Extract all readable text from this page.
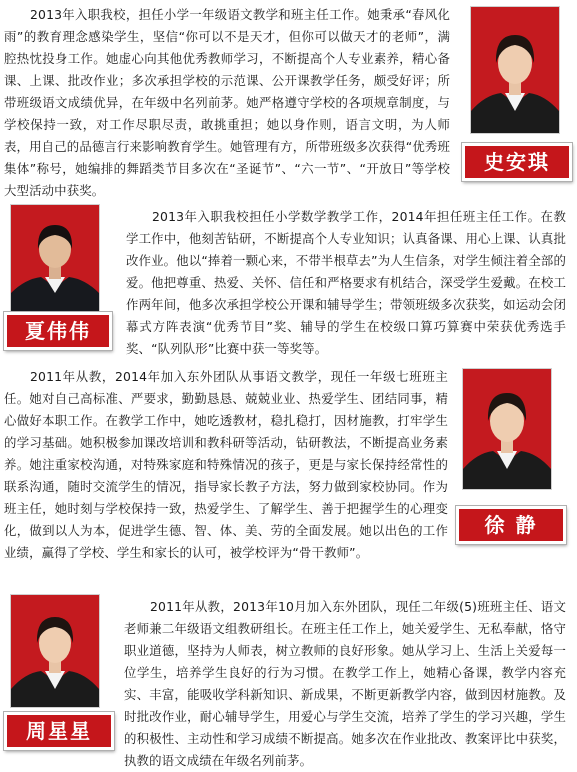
2013年入职我校，担任小学一年级语文教学和班主任工作。她秉承“春风化雨”的教育理念感染学生，坚信“你可以不是天才，但你可以做天才的老师”，满腔热忱投身工作。她虚心向其他优秀教师学习，不断提高个人专业素养，精心备课、上课、批改作业；多次承担学校的示范课、公开课教学任务，颇受好评；所带班级语文成绩优异，在年级中名列前茅。她严格遵守学校的各项规章制度，与学校保持一致，对工作尽职尽责，敢挑重担；她以身作则，语言文明，为人师表，用自己的品德言行来影响教育学生。她管理有方，所带班级多次获得“优秀班集体”称号，她编排的舞蹈类节目多次在“圣诞节”、“六一节”、“开放日”等学校大型活动中获奖。

史安琪
夏伟伟

2013年入职我校担任小学数学教学工作，2014年担任班主任工作。在教学工作中，他刻苦钻研，不断提高个人专业知识；认真备课、用心上课、认真批改作业。他以“捧着一颗心来，不带半根草去”为人生信条，对学生倾注着全部的爱。他把尊重、热爱、关怀、信任和严格要求有机结合，深受学生爱戴。在校工作两年间，他多次承担学校公开课和辅导学生；带领班级多次获奖，如运动会闭幕式方阵表演“优秀节目”奖、辅导的学生在校级口算巧算赛中荣获优秀选手奖、“队列队形”比赛中获一等奖等。

2011年从教，2014年加入东外团队从事语文教学，现任一年级七班班主任。她对自己高标准、严要求，勤勤恳恳、兢兢业业、热爱学生、团结同事，精心做好本职工作。在教学工作中，她吃透教材，稳扎稳打，因材施教，打牢学生的学习基础。她积极参加课改培训和教科研等活动，钻研教法，不断提高业务素养。她注重家校沟通，对特殊家庭和特殊情况的孩子，更是与家长保持经常性的联系沟通，随时交流学生的情况，指导家长教子方法，努力做到家校协同。作为班主任，她时刻与学校保持一致，热爱学生、了解学生、善于把握学生的心理变化，做到以人为本，促进学生德、智、体、美、劳的全面发展。她以出色的工作业绩，赢得了学校、学生和家长的认可，被学校评为“骨干教师”。

徐 静
周星星

2011年从教，2013年10月加入东外团队，现任二年级(5)班班主任、语文老师兼二年级语文组教研组长。在班主任工作上，她关爱学生、无私奉献，恪守职业道德，坚持为人师表，树立教师的良好形象。她从学习上、生活上关爱每一位学生，培养学生良好的行为习惯。在教学工作上，她精心备课，教学内容充实、丰富，能吸收学科新知识、新成果，不断更新教学内容，做到因材施教。及时批改作业，耐心辅导学生，用爱心与学生交流，培养了学生的学习兴趣，学生的积极性、主动性和学习成绩不断提高。她多次在作业批改、教案评比中获奖，执教的语文成绩在年级名列前茅。
